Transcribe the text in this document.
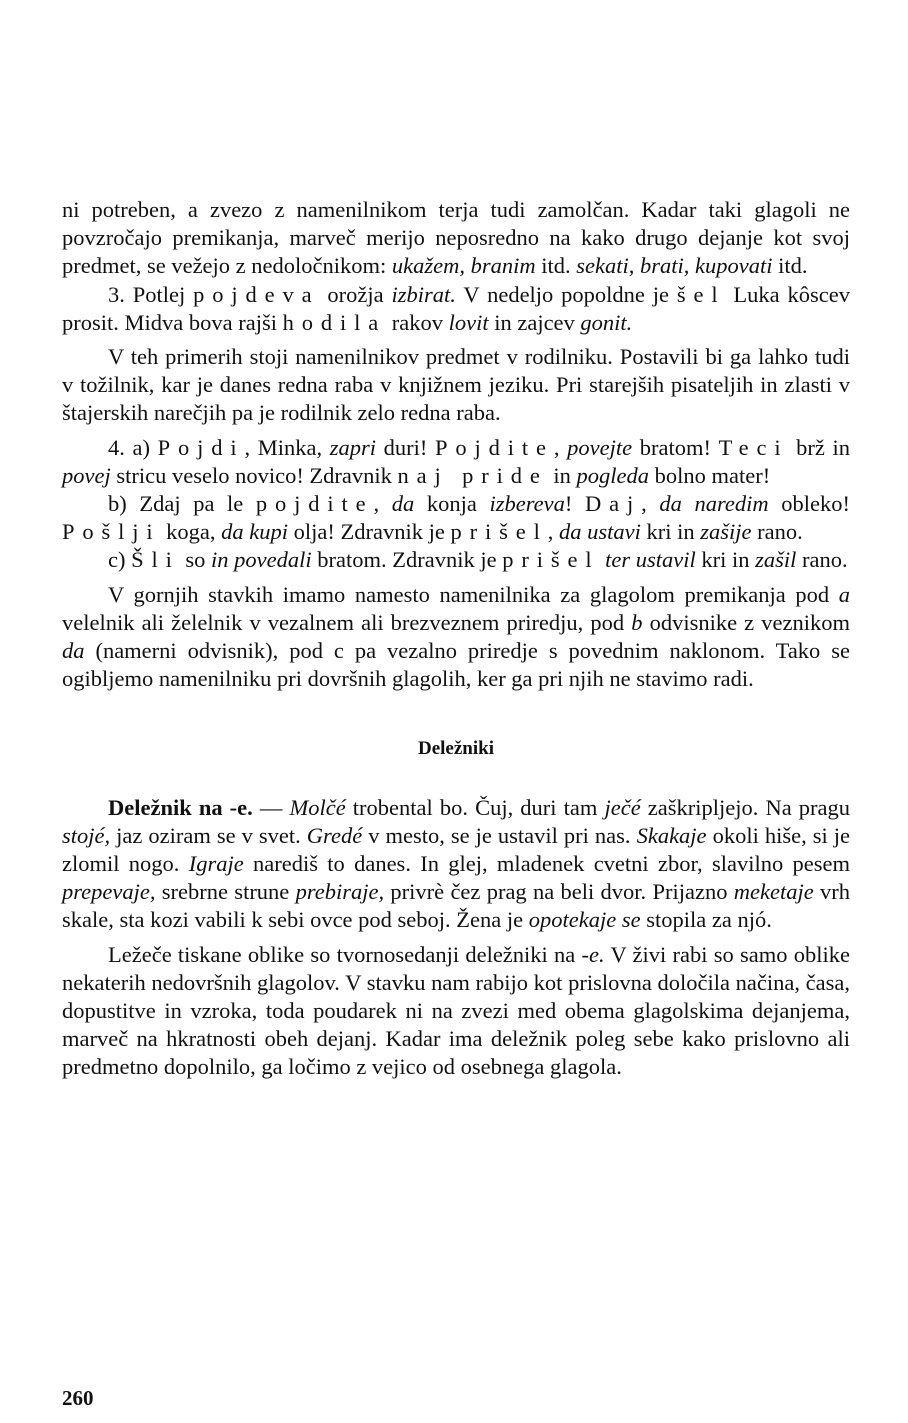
ni potreben, a zvezo z namenilnikom terja tudi zamolčan. Kadar taki glagoli ne povzročajo premikanja, marveč merijo neposredno na kako drugo dejanje kot svoj predmet, se vežejo z nedoločnikom: ukažem, branim itd. sekati, brati, kupovati itd.

3. Potlej pojdeva orožja izbirat. V nedeljo popoldne je šel Luka kôscev prosit. Midva bova rajši hodila rakov lovit in zajcev gonit.

V teh primerih stoji namenilnikov predmet v rodilniku. Postavili bi ga lahko tudi v tožilnik, kar je danes redna raba v knjižnem jeziku. Pri starejših pisateljih in zlasti v štajerskih narečjih pa je rodilnik zelo redna raba.

4. a) Pojdi, Minka, zapri duri! Pojdite, povejte bratom! Teci brž in povej stricu veselo novico! Zdravnik naj pride in pogleda bolno mater!

b) Zdaj pa le pojdite, da konja izbereva! Daj, da naredim obleko! Pošlji koga, da kupi olja! Zdravnik je prišel, da ustavi kri in zašije rano.

c) Šli so in povedali bratom. Zdravnik je prišel ter ustavil kri in zašil rano.

V gornjih stavkih imamo namesto namenilnika za glagolom premikanja pod a velelnik ali želelnik v vezalnem ali brezveznem priredju, pod b odvisnike z veznikom da (namerni odvisnik), pod c pa vezalno priredje s povednim naklonom. Tako se ogibljemo namenilniku pri dovršnih glagolih, ker ga pri njih ne stavimo radi.

Deležniki

Deležnik na -e. — Molčé trobental bo. Čuj, duri tam ječé zaškripljejo. Na pragu stojé, jaz oziram se v svet. Gredé v mesto, se je ustavil pri nas. Skakaje okoli hiše, si je zlomil nogo. Igraje narediš to danes. In glej, mladenek cvetni zbor, slavilno pesem prepevaje, srebrne strune prebiraje, privrè čez prag na beli dvor. Prijazno meketaje vrh skale, sta kozi vabili k sebi ovce pod seboj. Žena je opotekaje se stopila za njó.

Ležeče tiskane oblike so tvornosedanji deležniki na -e. V živi rabi so samo oblike nekaterih nedovršnih glagolov. V stavku nam rabijo kot prislovna določila načina, časa, dopustitve in vzroka, toda poudarek ni na zvezi med obema glagolskima dejanjema, marveč na hkratnosti obeh dejanj. Kadar ima deležnik poleg sebe kako prislovno ali predmetno dopolnilo, ga ločimo z vejico od osebnega glagola.

260
